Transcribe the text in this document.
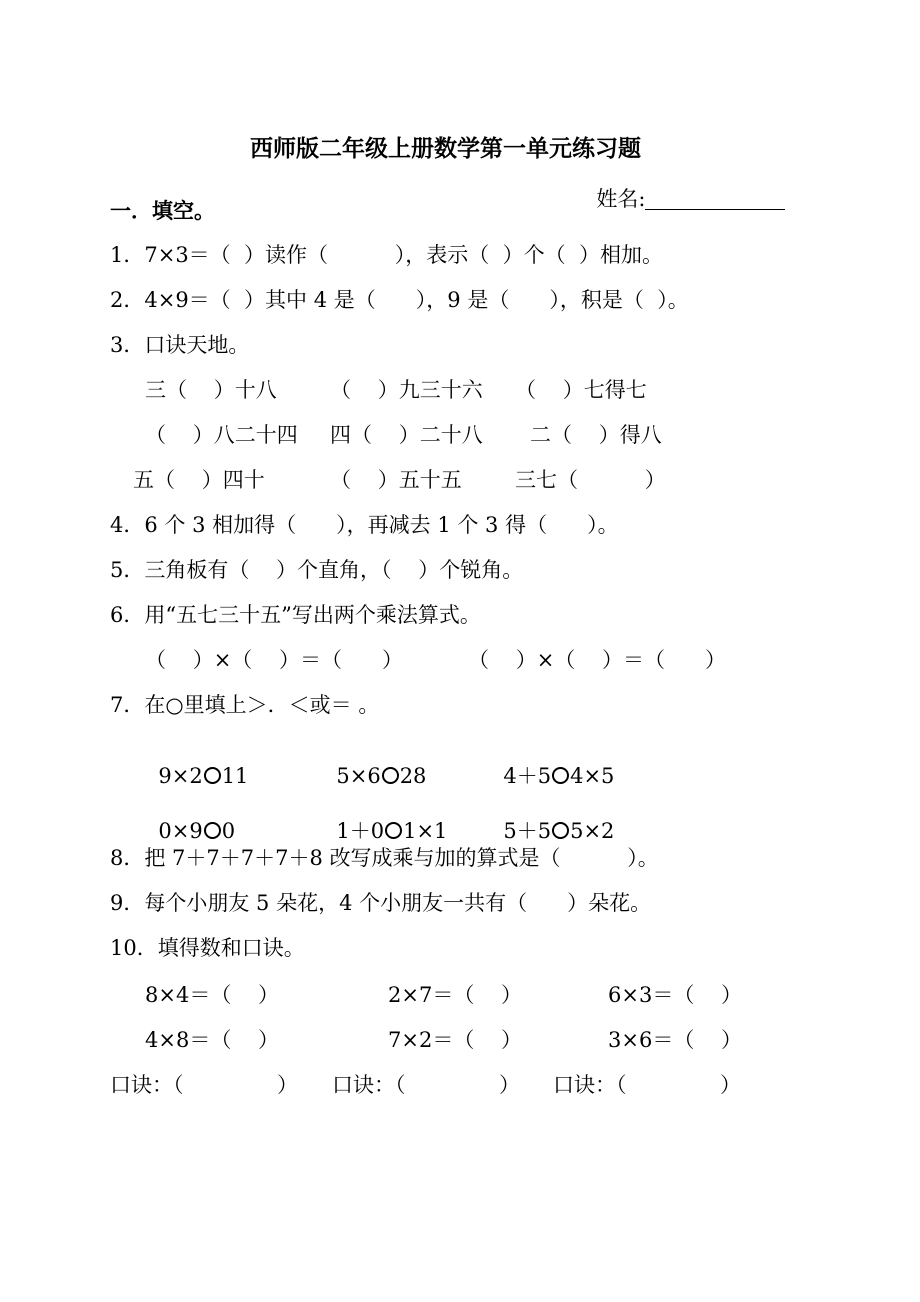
西师版二年级上册数学第一单元练习题

姓名:

一．填空。
1．7×3＝（  ）读作（          ），表示（  ）个（  ）相加。
2．4×9＝（  ）其中 4 是（      ），9 是（      ），积是（  ）。
3．口诀天地。
三（    ）十八	（    ）九三十六 （    ）七得七
（    ）八二十四 四（    ）二十八 二（    ）得八
五（    ）四十	（    ）五十五	三七（          ）
4．6 个 3 相加得（      ），再减去 1 个 3 得（      ）。
5．三角板有（    ）个直角，（    ）个锐角。
6．用“五七三十五”写出两个乘法算式。
（    ）×（    ）＝（      ）	（    ）×（    ）＝（      ）
7．在○里填上＞．＜或＝ 。

9×2 11	5×6 28	4＋5 4×5

0×9 0	1＋0 1×1	5＋5 5×2

8．把 7＋7＋7＋7＋8 改写成乘与加的算式是（          ）。
9．每个小朋友 5 朵花，4 个小朋友一共有（      ）朵花。
10．填得数和口诀。
8×4＝（    ）	2×7＝（    ）	6×3＝（    ）
4×8＝（    ）	7×2＝（    ）	3×6＝（    ）
口诀：（              ） 口诀：（              ） 口诀：（              ）
